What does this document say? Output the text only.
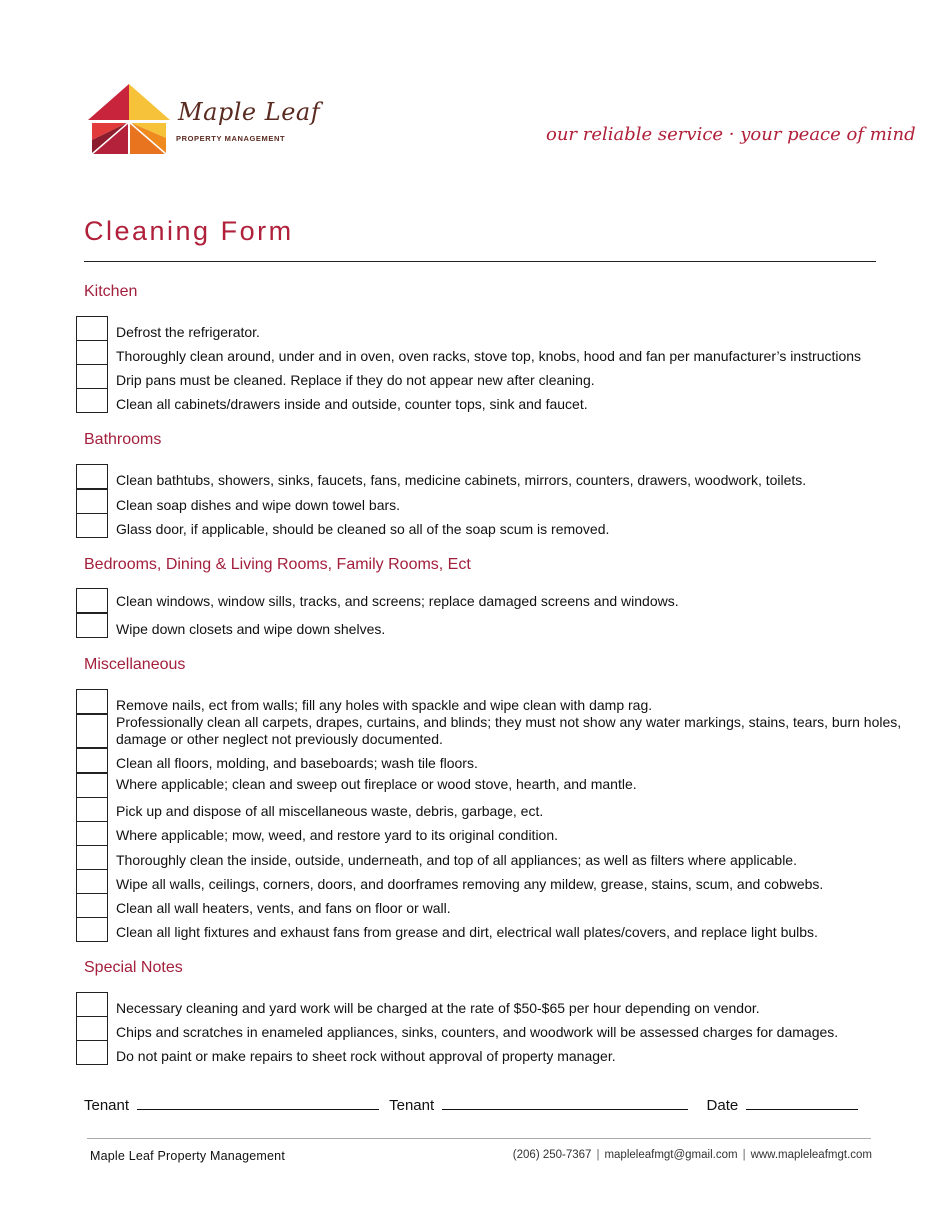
Maple Leaf
PROPERTY MANAGEMENT	our reliable service · your peace of mind
Cleaning Form
Kitchen
Defrost the refrigerator.
Thoroughly clean around, under and in oven, oven racks, stove top, knobs, hood and fan per manufacturer’s instructions
Drip pans must be cleaned. Replace if they do not appear new after cleaning.
Clean all cabinets/drawers inside and outside, counter tops, sink and faucet.
Bathrooms
Clean bathtubs, showers, sinks, faucets, fans, medicine cabinets, mirrors, counters, drawers, woodwork, toilets.
Clean soap dishes and wipe down towel bars.
Glass door, if applicable, should be cleaned so all of the soap scum is removed.
Bedrooms, Dining & Living Rooms, Family Rooms, Ect
Clean windows, window sills, tracks, and screens; replace damaged screens and windows.
Wipe down closets and wipe down shelves.
Miscellaneous
Remove nails, ect from walls; fill any holes with spackle and wipe clean with damp rag.
Professionally clean all carpets, drapes, curtains, and blinds; they must not show any water markings, stains, tears, burn holes, damage or other neglect not previously documented.
Clean all floors, molding, and baseboards; wash tile floors.
Where applicable; clean and sweep out fireplace or wood stove, hearth, and mantle.
Pick up and dispose of all miscellaneous waste, debris, garbage, ect.
Where applicable; mow, weed, and restore yard to its original condition.
Thoroughly clean the inside, outside, underneath, and top of all appliances; as well as filters where applicable.
Wipe all walls, ceilings, corners, doors, and doorframes removing any mildew, grease, stains, scum, and cobwebs.
Clean all wall heaters, vents, and fans on floor or wall.
Clean all light fixtures and exhaust fans from grease and dirt, electrical wall plates/covers, and replace light bulbs.
Special Notes
Necessary cleaning and yard work will be charged at the rate of $50-$65 per hour depending on vendor.
Chips and scratches in enameled appliances, sinks, counters, and woodwork will be assessed charges for damages.
Do not paint or make repairs to sheet rock without approval of property manager.
Tenant	Tenant	Date
Maple Leaf Property Management	(206) 250-7367 | mapleleafmgt@gmail.com | www.mapleleafmgt.com
